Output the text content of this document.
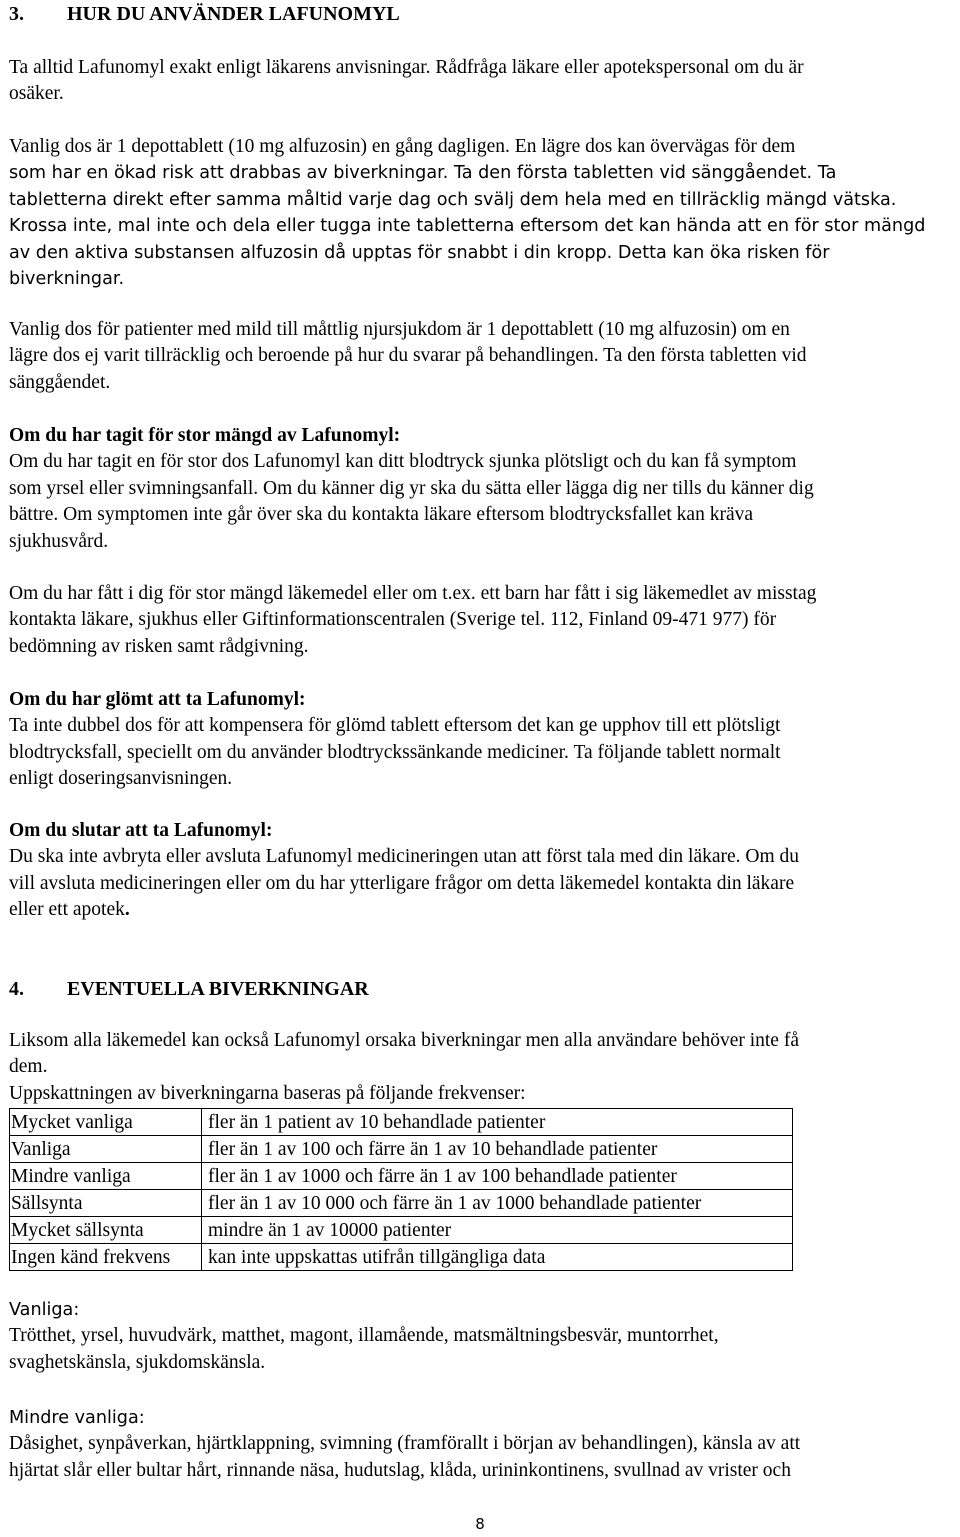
3. HUR DU ANVÄNDER LAFUNOMYL
Ta alltid Lafunomyl exakt enligt läkarens anvisningar. Rådfråga läkare eller apotekspersonal om du är
osäker.
Vanlig dos är 1 depottablett (10 mg alfuzosin) en gång dagligen. En lägre dos kan övervägas för dem
som har en ökad risk att drabbas av biverkningar. Ta den första tabletten vid sänggåendet. Ta
tabletterna direkt efter samma måltid varje dag och svälj dem hela med en tillräcklig mängd vätska.
Krossa inte, mal inte och dela eller tugga inte tabletterna eftersom det kan hända att en för stor mängd
av den aktiva substansen alfuzosin då upptas för snabbt i din kropp. Detta kan öka risken för
biverkningar.
Vanlig dos för patienter med mild till måttlig njursjukdom är 1 depottablett (10 mg alfuzosin) om en
lägre dos ej varit tillräcklig och beroende på hur du svarar på behandlingen. Ta den första tabletten vid
sänggåendet.
Om du har tagit för stor mängd av Lafunomyl:
Om du har tagit en för stor dos Lafunomyl kan ditt blodtryck sjunka plötsligt och du kan få symptom
som yrsel eller svimningsanfall. Om du känner dig yr ska du sätta eller lägga dig ner tills du känner dig
bättre. Om symptomen inte går över ska du kontakta läkare eftersom blodtrycksfallet kan kräva
sjukhusvård.
Om du har fått i dig för stor mängd läkemedel eller om t.ex. ett barn har fått i sig läkemedlet av misstag
kontakta läkare, sjukhus eller Giftinformationscentralen (Sverige tel. 112, Finland 09-471 977) för
bedömning av risken samt rådgivning.
Om du har glömt att ta Lafunomyl:
Ta inte dubbel dos för att kompensera för glömd tablett eftersom det kan ge upphov till ett plötsligt
blodtrycksfall, speciellt om du använder blodtryckssänkande mediciner. Ta följande tablett normalt
enligt doseringsanvisningen.
Om du slutar att ta Lafunomyl:
Du ska inte avbryta eller avsluta Lafunomyl medicineringen utan att först tala med din läkare. Om du
vill avsluta medicineringen eller om du har ytterligare frågor om detta läkemedel kontakta din läkare
eller ett apotek.
4. EVENTUELLA BIVERKNINGAR
Liksom alla läkemedel kan också Lafunomyl orsaka biverkningar men alla användare behöver inte få
dem.
Uppskattningen av biverkningarna baseras på följande frekvenser:
Mycket vanliga	fler än 1 patient av 10 behandlade patienter
Vanliga	fler än 1 av 100 och färre än 1 av 10 behandlade patienter
Mindre vanliga	fler än 1 av 1000 och färre än 1 av 100 behandlade patienter
Sällsynta	fler än 1 av 10 000 och färre än 1 av 1000 behandlade patienter
Mycket sällsynta	mindre än 1 av 10000 patienter
Ingen känd frekvens	kan inte uppskattas utifrån tillgängliga data
Vanliga:
Trötthet, yrsel, huvudvärk, matthet, magont, illamående, matsmältningsbesvär, muntorrhet,
svaghetskänsla, sjukdomskänsla.
Mindre vanliga:
Dåsighet, synpåverkan, hjärtklappning, svimning (framförallt i början av behandlingen), känsla av att
hjärtat slår eller bultar hårt, rinnande näsa, hudutslag, klåda, urininkontinens, svullnad av vrister och
8
